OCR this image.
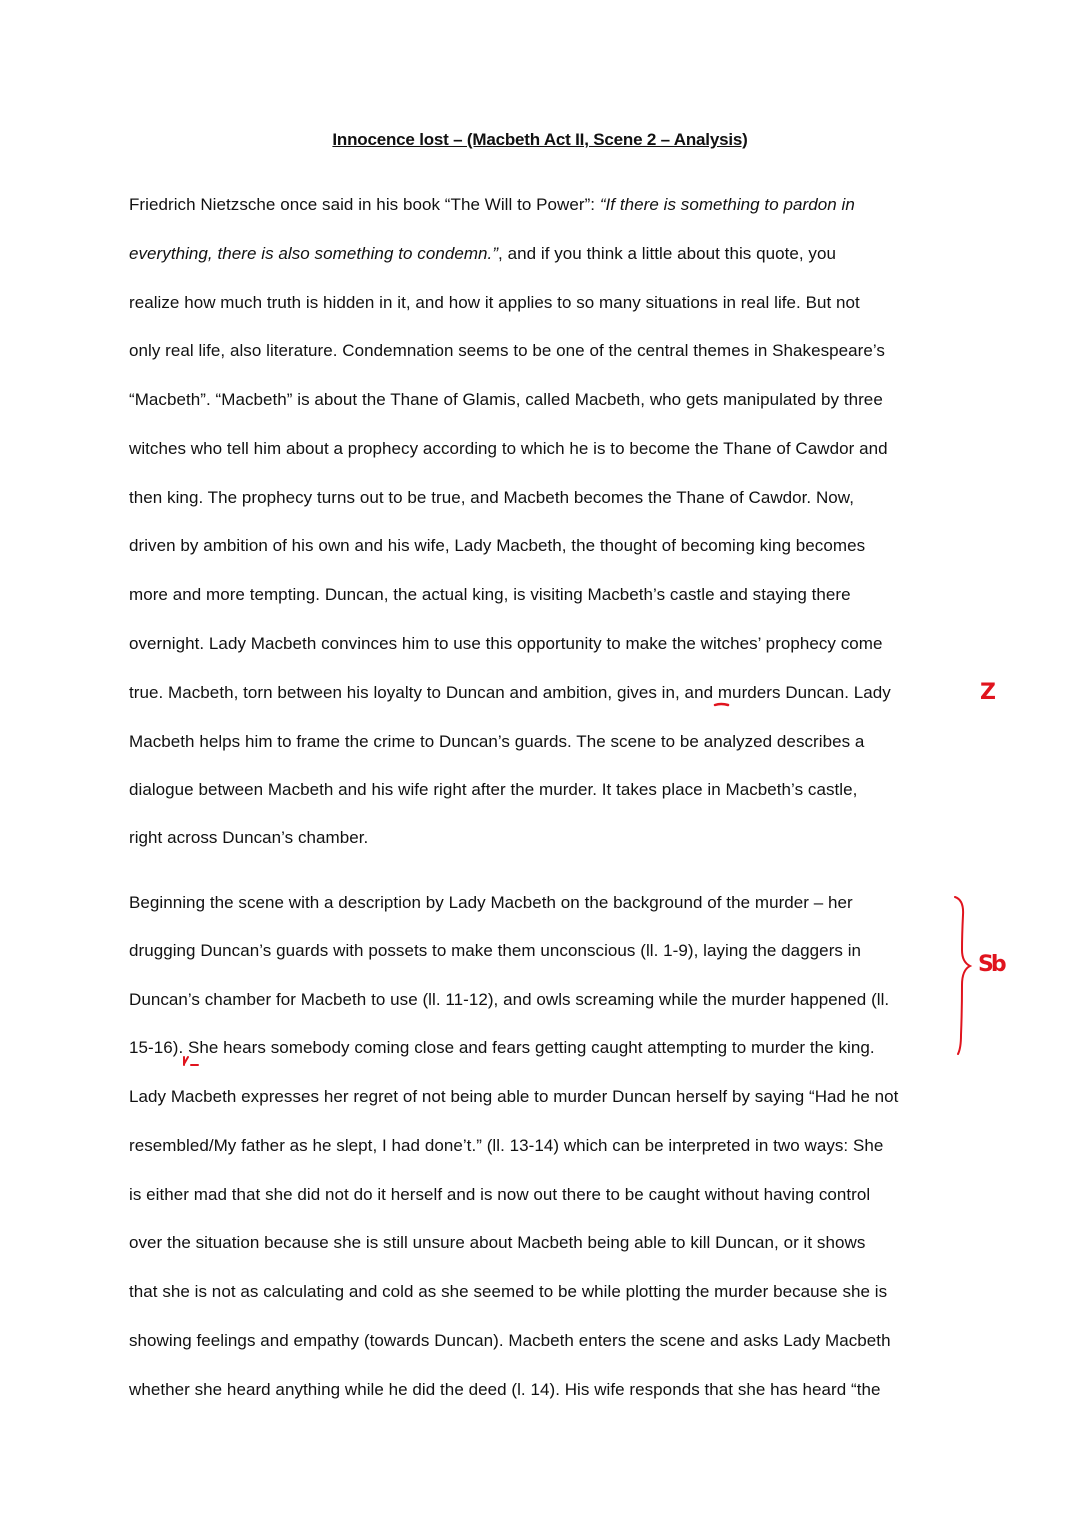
Innocence lost – (Macbeth Act II, Scene 2 – Analysis)
Friedrich Nietzsche once said in his book “The Will to Power”: “If there is something to pardon in
everything, there is also something to condemn.”, and if you think a little about this quote, you
realize how much truth is hidden in it, and how it applies to so many situations in real life. But not
only real life, also literature. Condemnation seems to be one of the central themes in Shakespeare’s
“Macbeth”. “Macbeth” is about the Thane of Glamis, called Macbeth, who gets manipulated by three
witches who tell him about a prophecy according to which he is to become the Thane of Cawdor and
then king. The prophecy turns out to be true, and Macbeth becomes the Thane of Cawdor. Now,
driven by ambition of his own and his wife, Lady Macbeth, the thought of becoming king becomes
more and more tempting. Duncan, the actual king, is visiting Macbeth’s castle and staying there
overnight. Lady Macbeth convinces him to use this opportunity to make the witches’ prophecy come
true. Macbeth, torn between his loyalty to Duncan and ambition, gives in, and murders Duncan. Lady
Macbeth helps him to frame the crime to Duncan’s guards. The scene to be analyzed describes a
dialogue between Macbeth and his wife right after the murder. It takes place in Macbeth’s castle,
right across Duncan’s chamber.
Beginning the scene with a description by Lady Macbeth on the background of the murder – her
drugging Duncan’s guards with possets to make them unconscious (ll. 1-9), laying the daggers in
Duncan’s chamber for Macbeth to use (ll. 11-12), and owls screaming while the murder happened (ll.
15-16). She hears somebody coming close and fears getting caught attempting to murder the king.
Lady Macbeth expresses her regret of not being able to murder Duncan herself by saying “Had he not
resembled/My father as he slept, I had done’t.” (ll. 13-14) which can be interpreted in two ways: She
is either mad that she did not do it herself and is now out there to be caught without having control
over the situation because she is still unsure about Macbeth being able to kill Duncan, or it shows
that she is not as calculating and cold as she seemed to be while plotting the murder because she is
showing feelings and empathy (towards Duncan). Macbeth enters the scene and asks Lady Macbeth
whether she heard anything while he did the deed (l. 14). His wife responds that she has heard “the
Z
Sb
